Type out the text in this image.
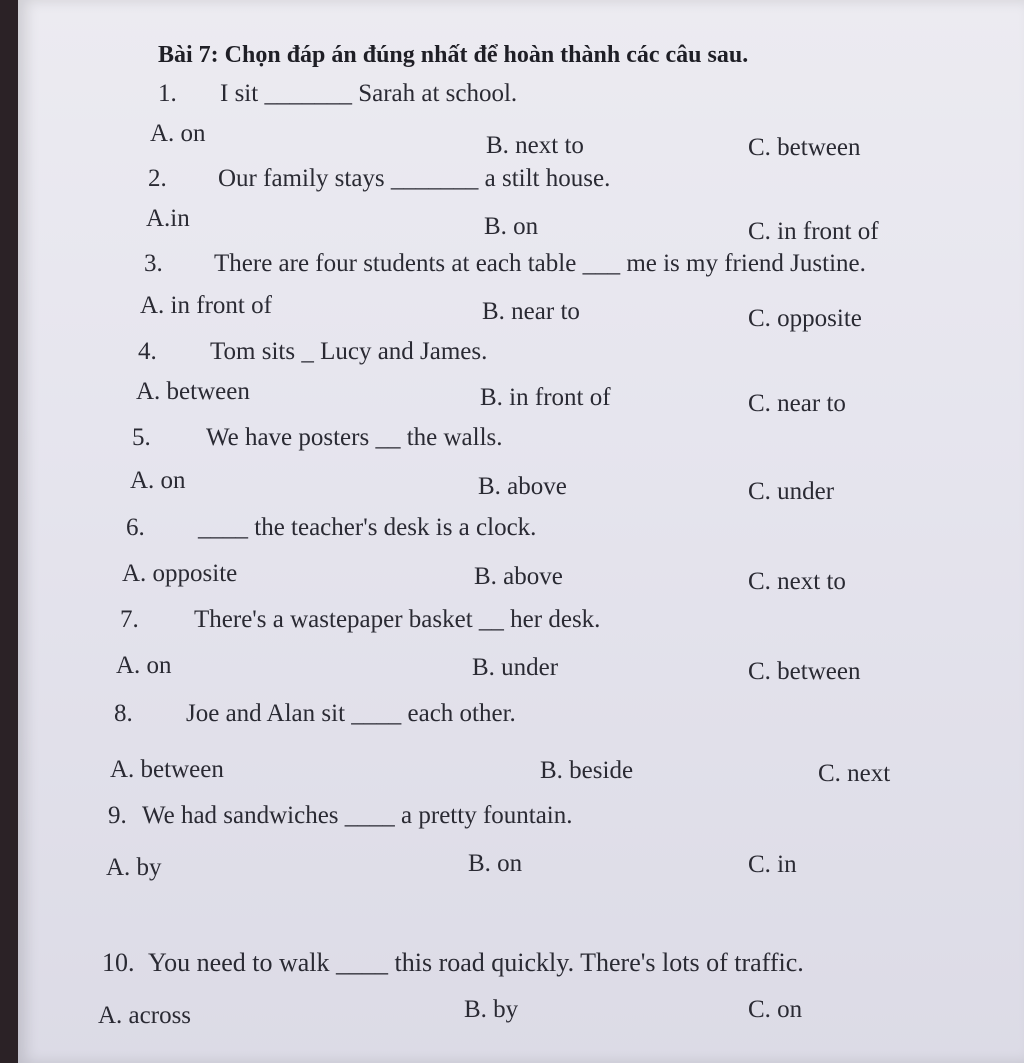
Bài 7: Chọn đáp án đúng nhất để hoàn thành các câu sau.
1. I sit _______ Sarah at school.
A. on	B. next to	C. between
2. Our family stays _______ a stilt house.
A.in	B. on	C. in front of
3. There are four students at each table ___ me is my friend Justine.
A. in front of	B. near to	C. opposite
4. Tom sits _ Lucy and James.
A. between	B. in front of	C. near to
5. We have posters __ the walls.
A. on	B. above	C. under
6. ____ the teacher's desk is a clock.
A. opposite	B. above	C. next to
7. There's a wastepaper basket __ her desk.
A. on	B. under	C. between
8. Joe and Alan sit ____ each other.
A. between	B. beside	C. next
9. We had sandwiches ____ a pretty fountain.
A. by	B. on	C. in
10. You need to walk ____ this road quickly. There's lots of traffic.
A. across	B. by	C. on
